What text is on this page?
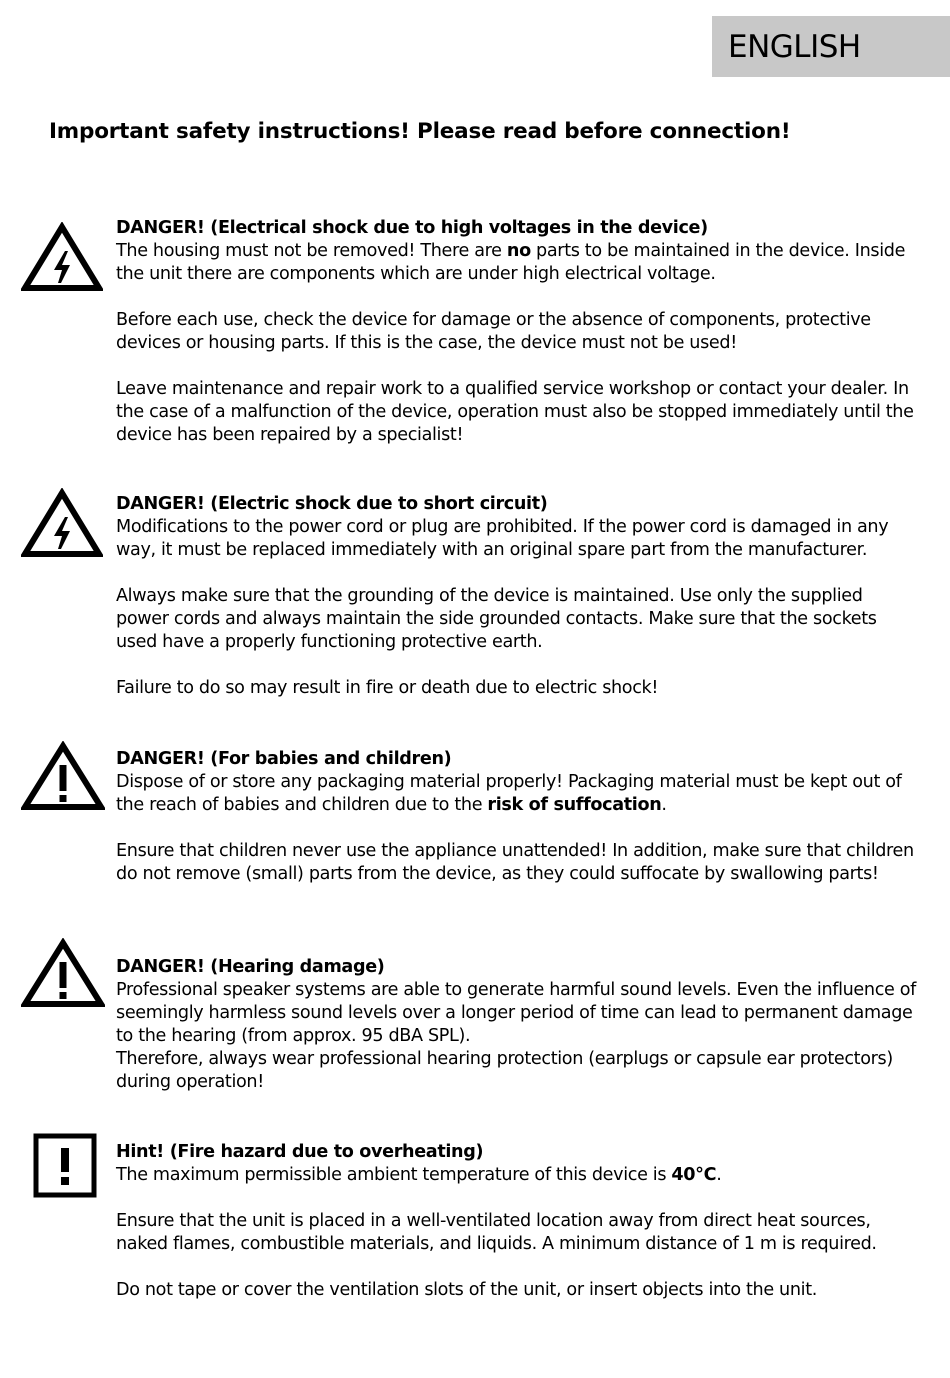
ENGLISH
Important safety instructions! Please read before connection!
DANGER! (Electrical shock due to high voltages in the device)

The housing must not be removed! There are no parts to be maintained in the device. Inside the unit there are components which are under high electrical voltage.

Before each use, check the device for damage or the absence of components, protective devices or housing parts. If this is the case, the device must not be used!

Leave maintenance and repair work to a qualified service workshop or contact your dealer. In the case of a malfunction of the device, operation must also be stopped immediately until the device has been repaired by a specialist!

DANGER! (Electric shock due to short circuit)

Modifications to the power cord or plug are prohibited. If the power cord is damaged in any way, it must be replaced immediately with an original spare part from the manufacturer.

Always make sure that the grounding of the device is maintained. Use only the supplied power cords and always maintain the side grounded contacts. Make sure that the sockets used have a properly functioning protective earth.

Failure to do so may result in fire or death due to electric shock!

DANGER! (For babies and children)

Dispose of or store any packaging material properly! Packaging material must be kept out of the reach of babies and children due to the risk of suffocation.

Ensure that children never use the appliance unattended! In addition, make sure that children do not remove (small) parts from the device, as they could suffocate by swallowing parts!

DANGER! (Hearing damage)

Professional speaker systems are able to generate harmful sound levels. Even the influence of seemingly harmless sound levels over a longer period of time can lead to permanent damage to the hearing (from approx. 95 dBA SPL).

Therefore, always wear professional hearing protection (earplugs or capsule ear protectors) during operation!

Hint! (Fire hazard due to overheating)

The maximum permissible ambient temperature of this device is 40°C.

Ensure that the unit is placed in a well-ventilated location away from direct heat sources, naked flames, combustible materials, and liquids. A minimum distance of 1 m is required.

Do not tape or cover the ventilation slots of the unit, or insert objects into the unit.
